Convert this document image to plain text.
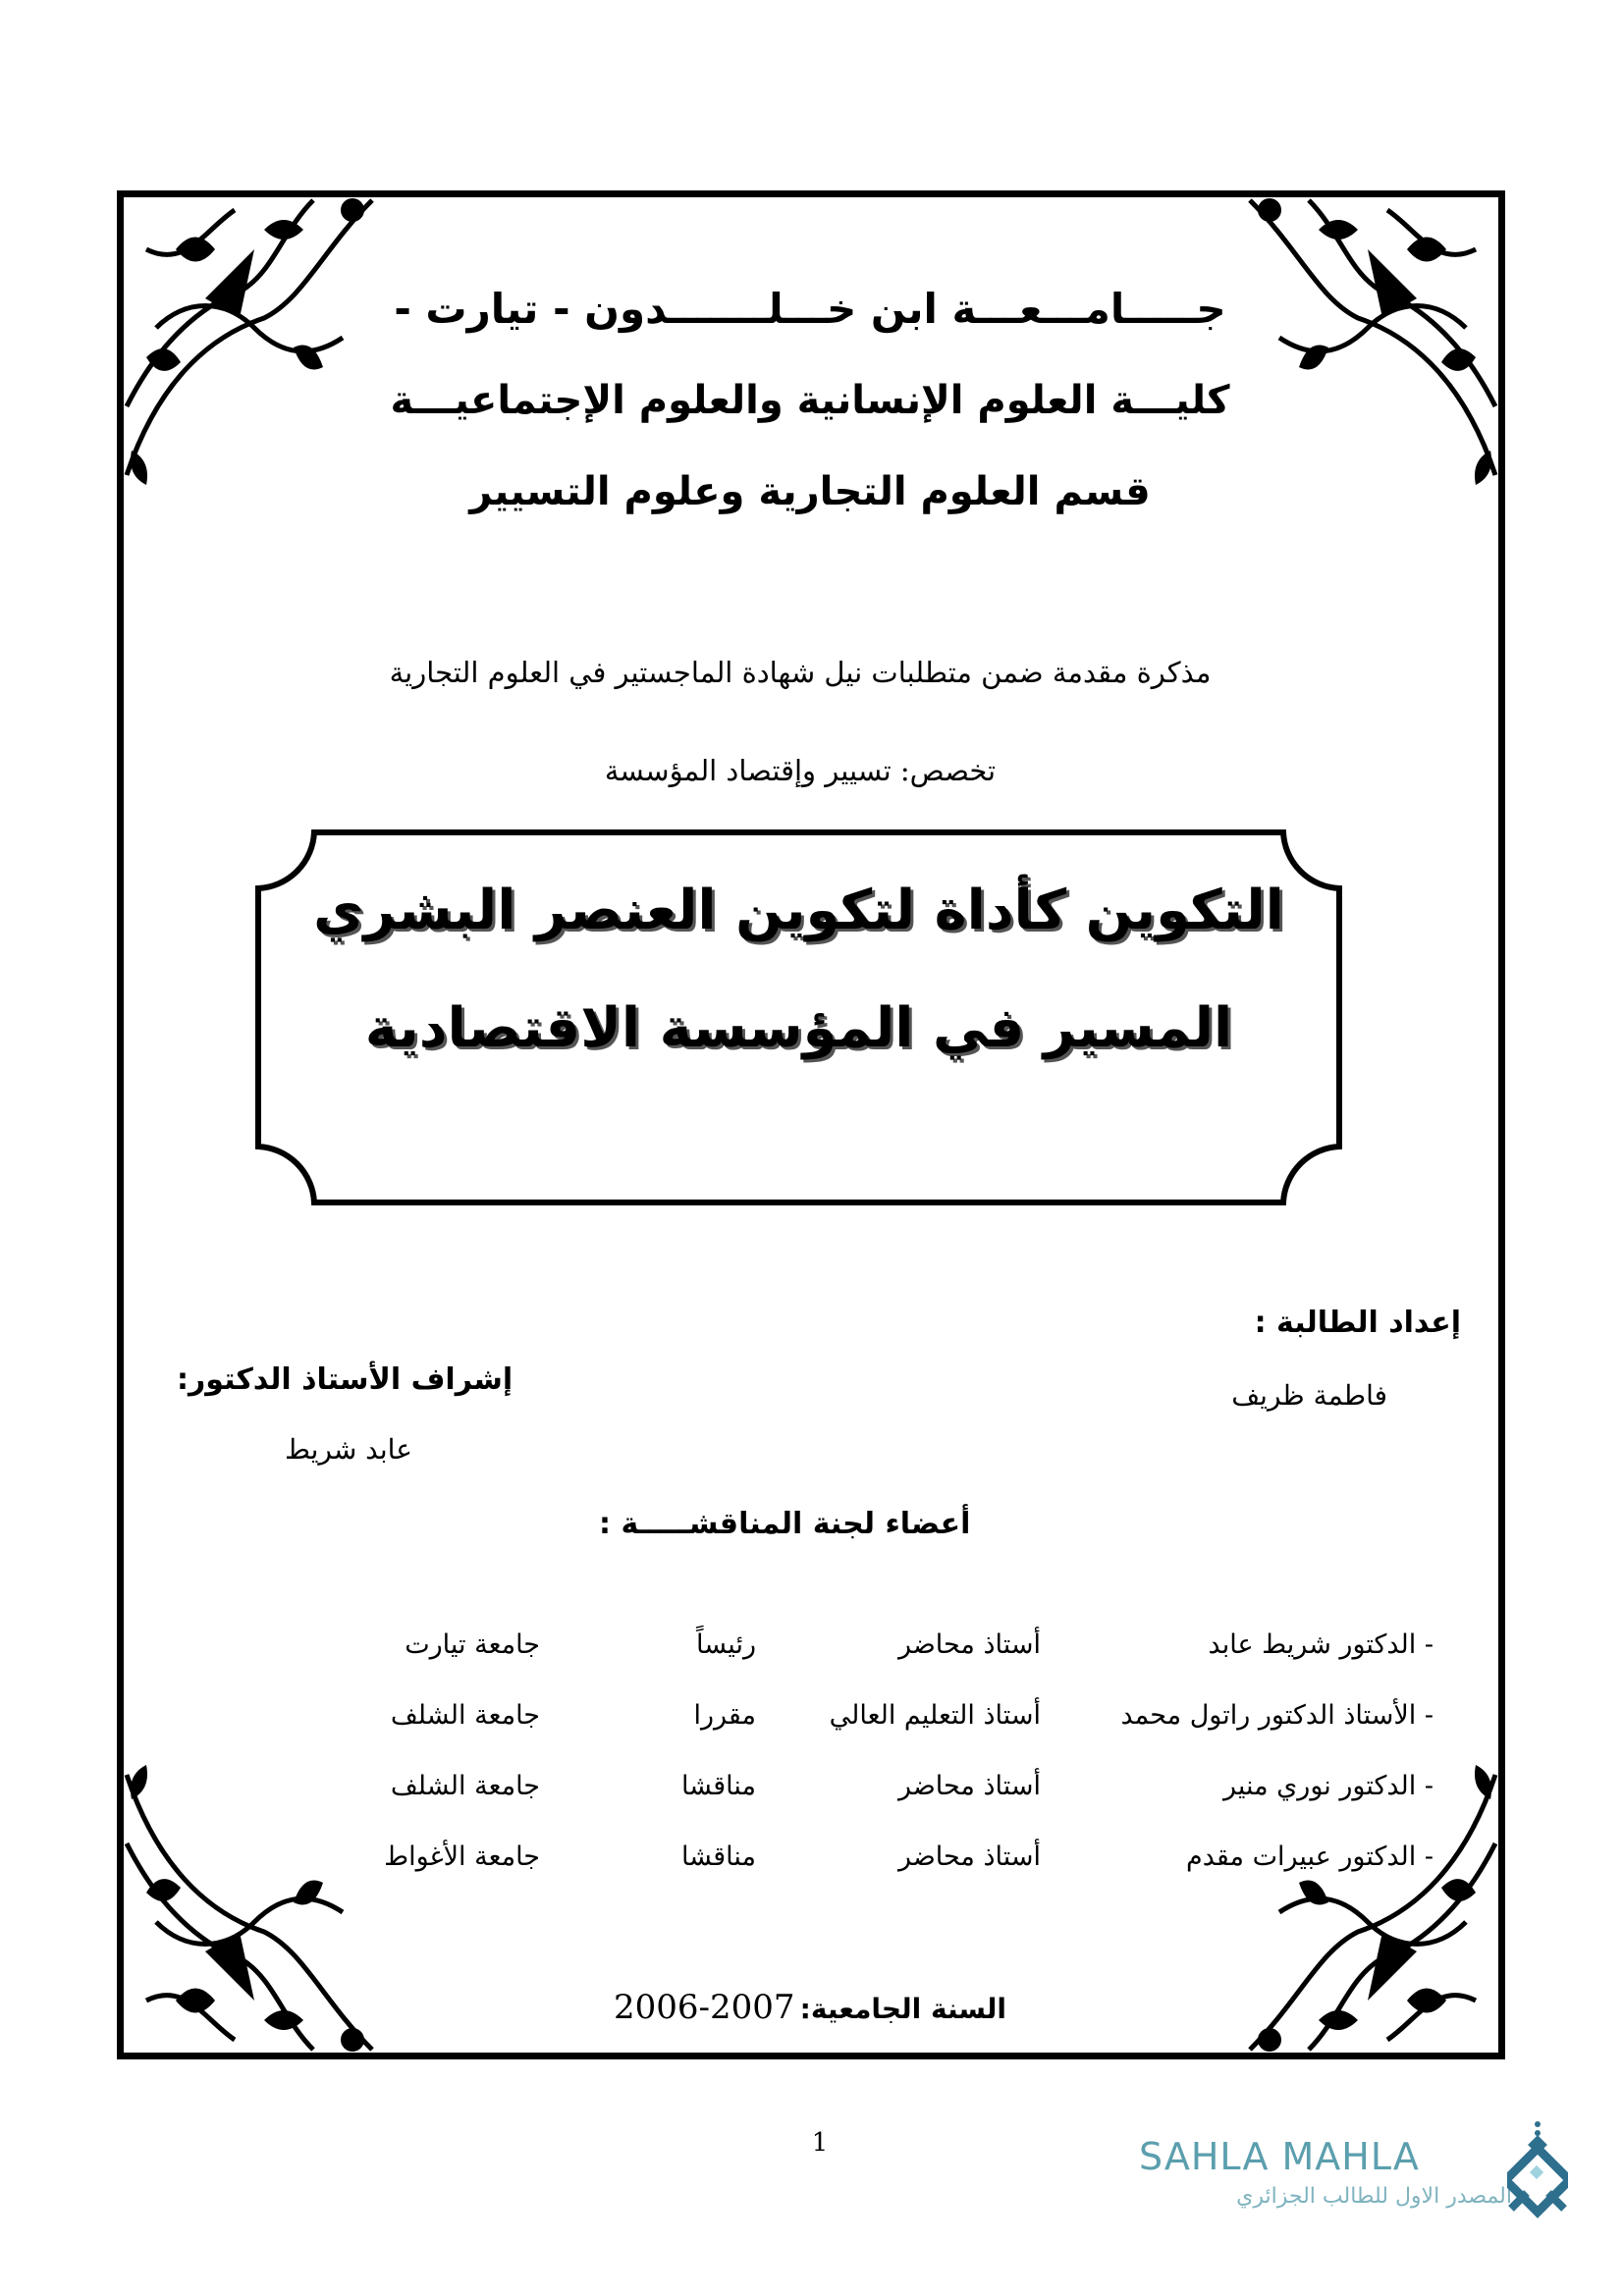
جـــــامـــعـــة ابن خـــلـــــــدون - تيارت -
كليـــة العلوم الإنسانية والعلوم الإجتماعيـــة
قسم العلوم التجارية وعلوم التسيير
مذكرة مقدمة ضمن متطلبات نيل شهادة الماجستير في العلوم التجارية
تخصص: تسيير وإقتصاد المؤسسة
التكوين كأداة لتكوين العنصر البشري
المسير في المؤسسة الاقتصادية
إعداد الطالبة :
فاطمة ظريف
إشراف الأستاذ الدكتور:
عابد شريط
أعضاء لجنة المناقشـــــة :
- الدكتور شريط عابد
أستاذ محاضر
رئيساً
جامعة تيارت
- الأستاذ الدكتور راتول محمد
أستاذ التعليم العالي
مقررا
جامعة الشلف
- الدكتور نوري منير
أستاذ محاضر
مناقشا
جامعة الشلف
- الدكتور عبيرات مقدم
أستاذ محاضر
مناقشا
جامعة الأغواط
2006-2007 السنة الجامعية:
1	SAHLA MAHLA
المصدر الاول للطالب الجزائري
